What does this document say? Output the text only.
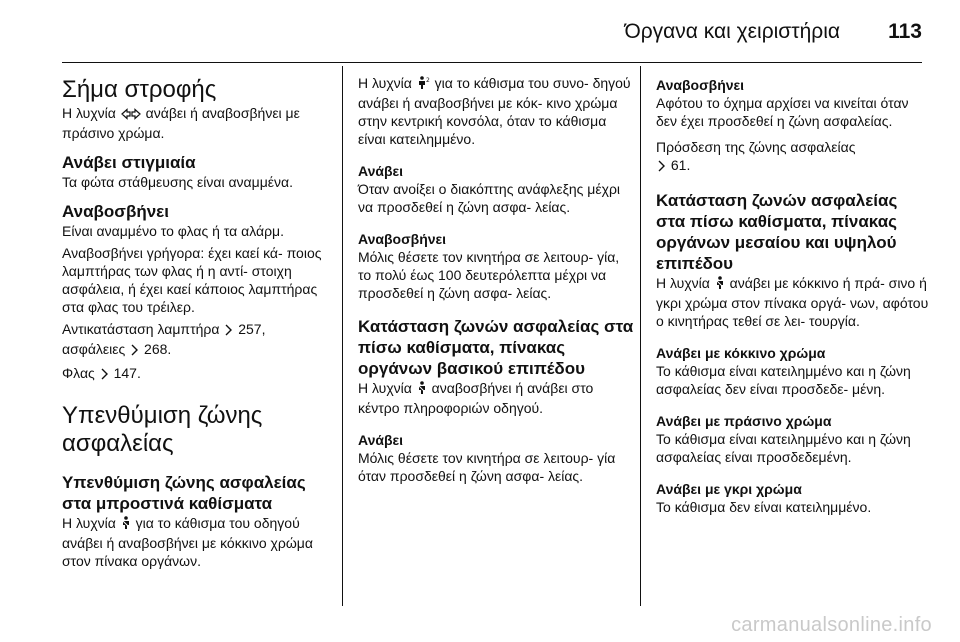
Όργανα και χειριστήρια 113
Σήμα στροφής

Η λυχνία ανάβει ή αναβοσβήνει με πράσινο χρώμα.

Ανάβει στιγμιαία

Τα φώτα στάθμευσης είναι αναμμένα.

Αναβοσβήνει

Είναι αναμμένο το φλας ή τα αλάρμ.

Αναβοσβήνει γρήγορα: έχει καεί κά- ποιος λαμπτήρας των φλας ή η αντί- στοιχη ασφάλεια, ή έχει καεί κάποιος λαμπτήρας στα φλας του τρέιλερ.

Αντικατάσταση λαμπτήρα 257,
ασφάλειες 268.

Φλας 147.

Υπενθύμιση ζώνης ασφαλείας
Υπενθύμιση ζώνης ασφαλείας στα μπροστινά καθίσματα

Η λυχνία για το κάθισμα του οδηγού ανάβει ή αναβοσβήνει με κόκκινο χρώμα στον πίνακα οργάνων.

Η λυχνία 2 για το κάθισμα του συνο- δηγού ανάβει ή αναβοσβήνει με κόκ- κινο χρώμα στην κεντρική κονσόλα, όταν το κάθισμα είναι κατειλημμένο.

Ανάβει

Όταν ανοίξει ο διακόπτης ανάφλεξης μέχρι να προσδεθεί η ζώνη ασφα- λείας.

Αναβοσβήνει

Μόλις θέσετε τον κινητήρα σε λειτουρ- γία, το πολύ έως 100 δευτερόλεπτα μέχρι να προσδεθεί η ζώνη ασφα- λείας.

Κατάσταση ζωνών ασφαλείας στα πίσω καθίσματα, πίνακας οργάνων βασικού επιπέδου

Η λυχνία αναβοσβήνει ή ανάβει στο κέντρο πληροφοριών οδηγού.

Ανάβει

Μόλις θέσετε τον κινητήρα σε λειτουρ- γία όταν προσδεθεί η ζώνη ασφα- λείας.

Αναβοσβήνει

Αφότου το όχημα αρχίσει να κινείται όταν δεν έχει προσδεθεί η ζώνη ασφαλείας.

Πρόσδεση της ζώνης ασφαλείας
61.

Κατάσταση ζωνών ασφαλείας στα πίσω καθίσματα, πίνακας οργάνων μεσαίου και υψηλού επιπέδου

Η λυχνία ανάβει με κόκκινο ή πρά- σινο ή γκρι χρώμα στον πίνακα οργά- νων, αφότου ο κινητήρας τεθεί σε λει- τουργία.

Ανάβει με κόκκινο χρώμα

Το κάθισμα είναι κατειλημμένο και η ζώνη ασφαλείας δεν είναι προσδεδε- μένη.

Ανάβει με πράσινο χρώμα

Το κάθισμα είναι κατειλημμένο και η ζώνη ασφαλείας είναι προσδεδεμένη.

Ανάβει με γκρι χρώμα

Το κάθισμα δεν είναι κατειλημμένο.

carmanualsonline.info
